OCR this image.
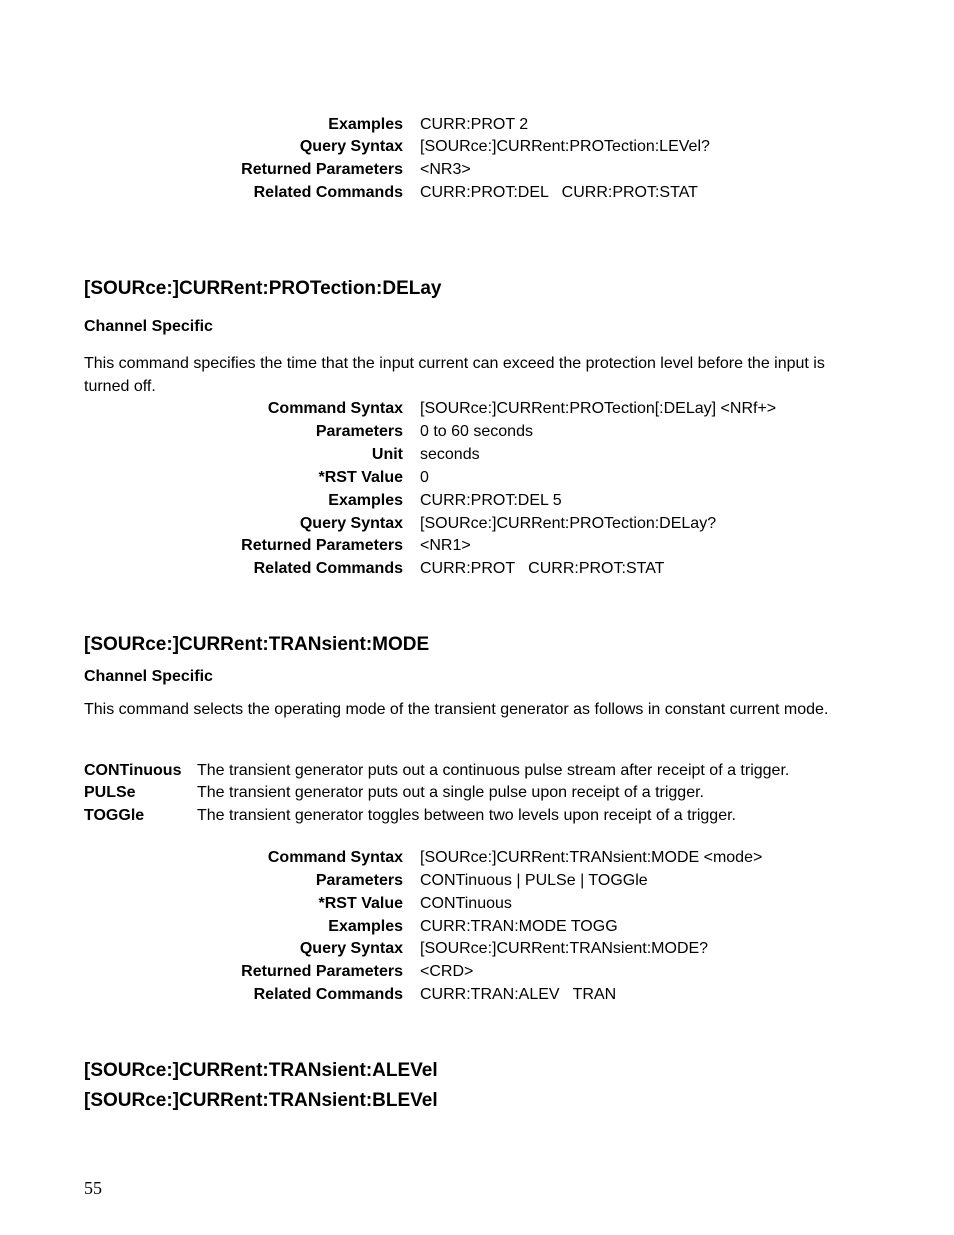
Examples CURR:PROT 2
Query Syntax [SOURce:]CURRent:PROTection:LEVel?
Returned Parameters <NR3>
Related Commands CURR:PROT:DEL   CURR:PROT:STAT
[SOURce:]CURRent:PROTection:DELay
Channel Specific
This command specifies the time that the input current can exceed the protection level before the input is turned off.
Command Syntax [SOURce:]CURRent:PROTection[:DELay] <NRf+>
Parameters 0 to 60 seconds
Unit seconds
*RST Value 0
Examples CURR:PROT:DEL 5
Query Syntax [SOURce:]CURRent:PROTection:DELay?
Returned Parameters <NR1>
Related Commands CURR:PROT   CURR:PROT:STAT
[SOURce:]CURRent:TRANsient:MODE
Channel Specific
This command selects the operating mode of the transient generator as follows in constant current mode.
CONTinuous The transient generator puts out a continuous pulse stream after receipt of a trigger.
PULSe	The transient generator puts out a single pulse upon receipt of a trigger.
TOGGle	The transient generator toggles between two levels upon receipt of a trigger.
Command Syntax [SOURce:]CURRent:TRANsient:MODE <mode>
Parameters CONTinuous | PULSe | TOGGle
*RST Value CONTinuous
Examples CURR:TRAN:MODE TOGG
Query Syntax [SOURce:]CURRent:TRANsient:MODE?
Returned Parameters <CRD>
Related Commands CURR:TRAN:ALEV   TRAN
[SOURce:]CURRent:TRANsient:ALEVel
[SOURce:]CURRent:TRANsient:BLEVel
55
